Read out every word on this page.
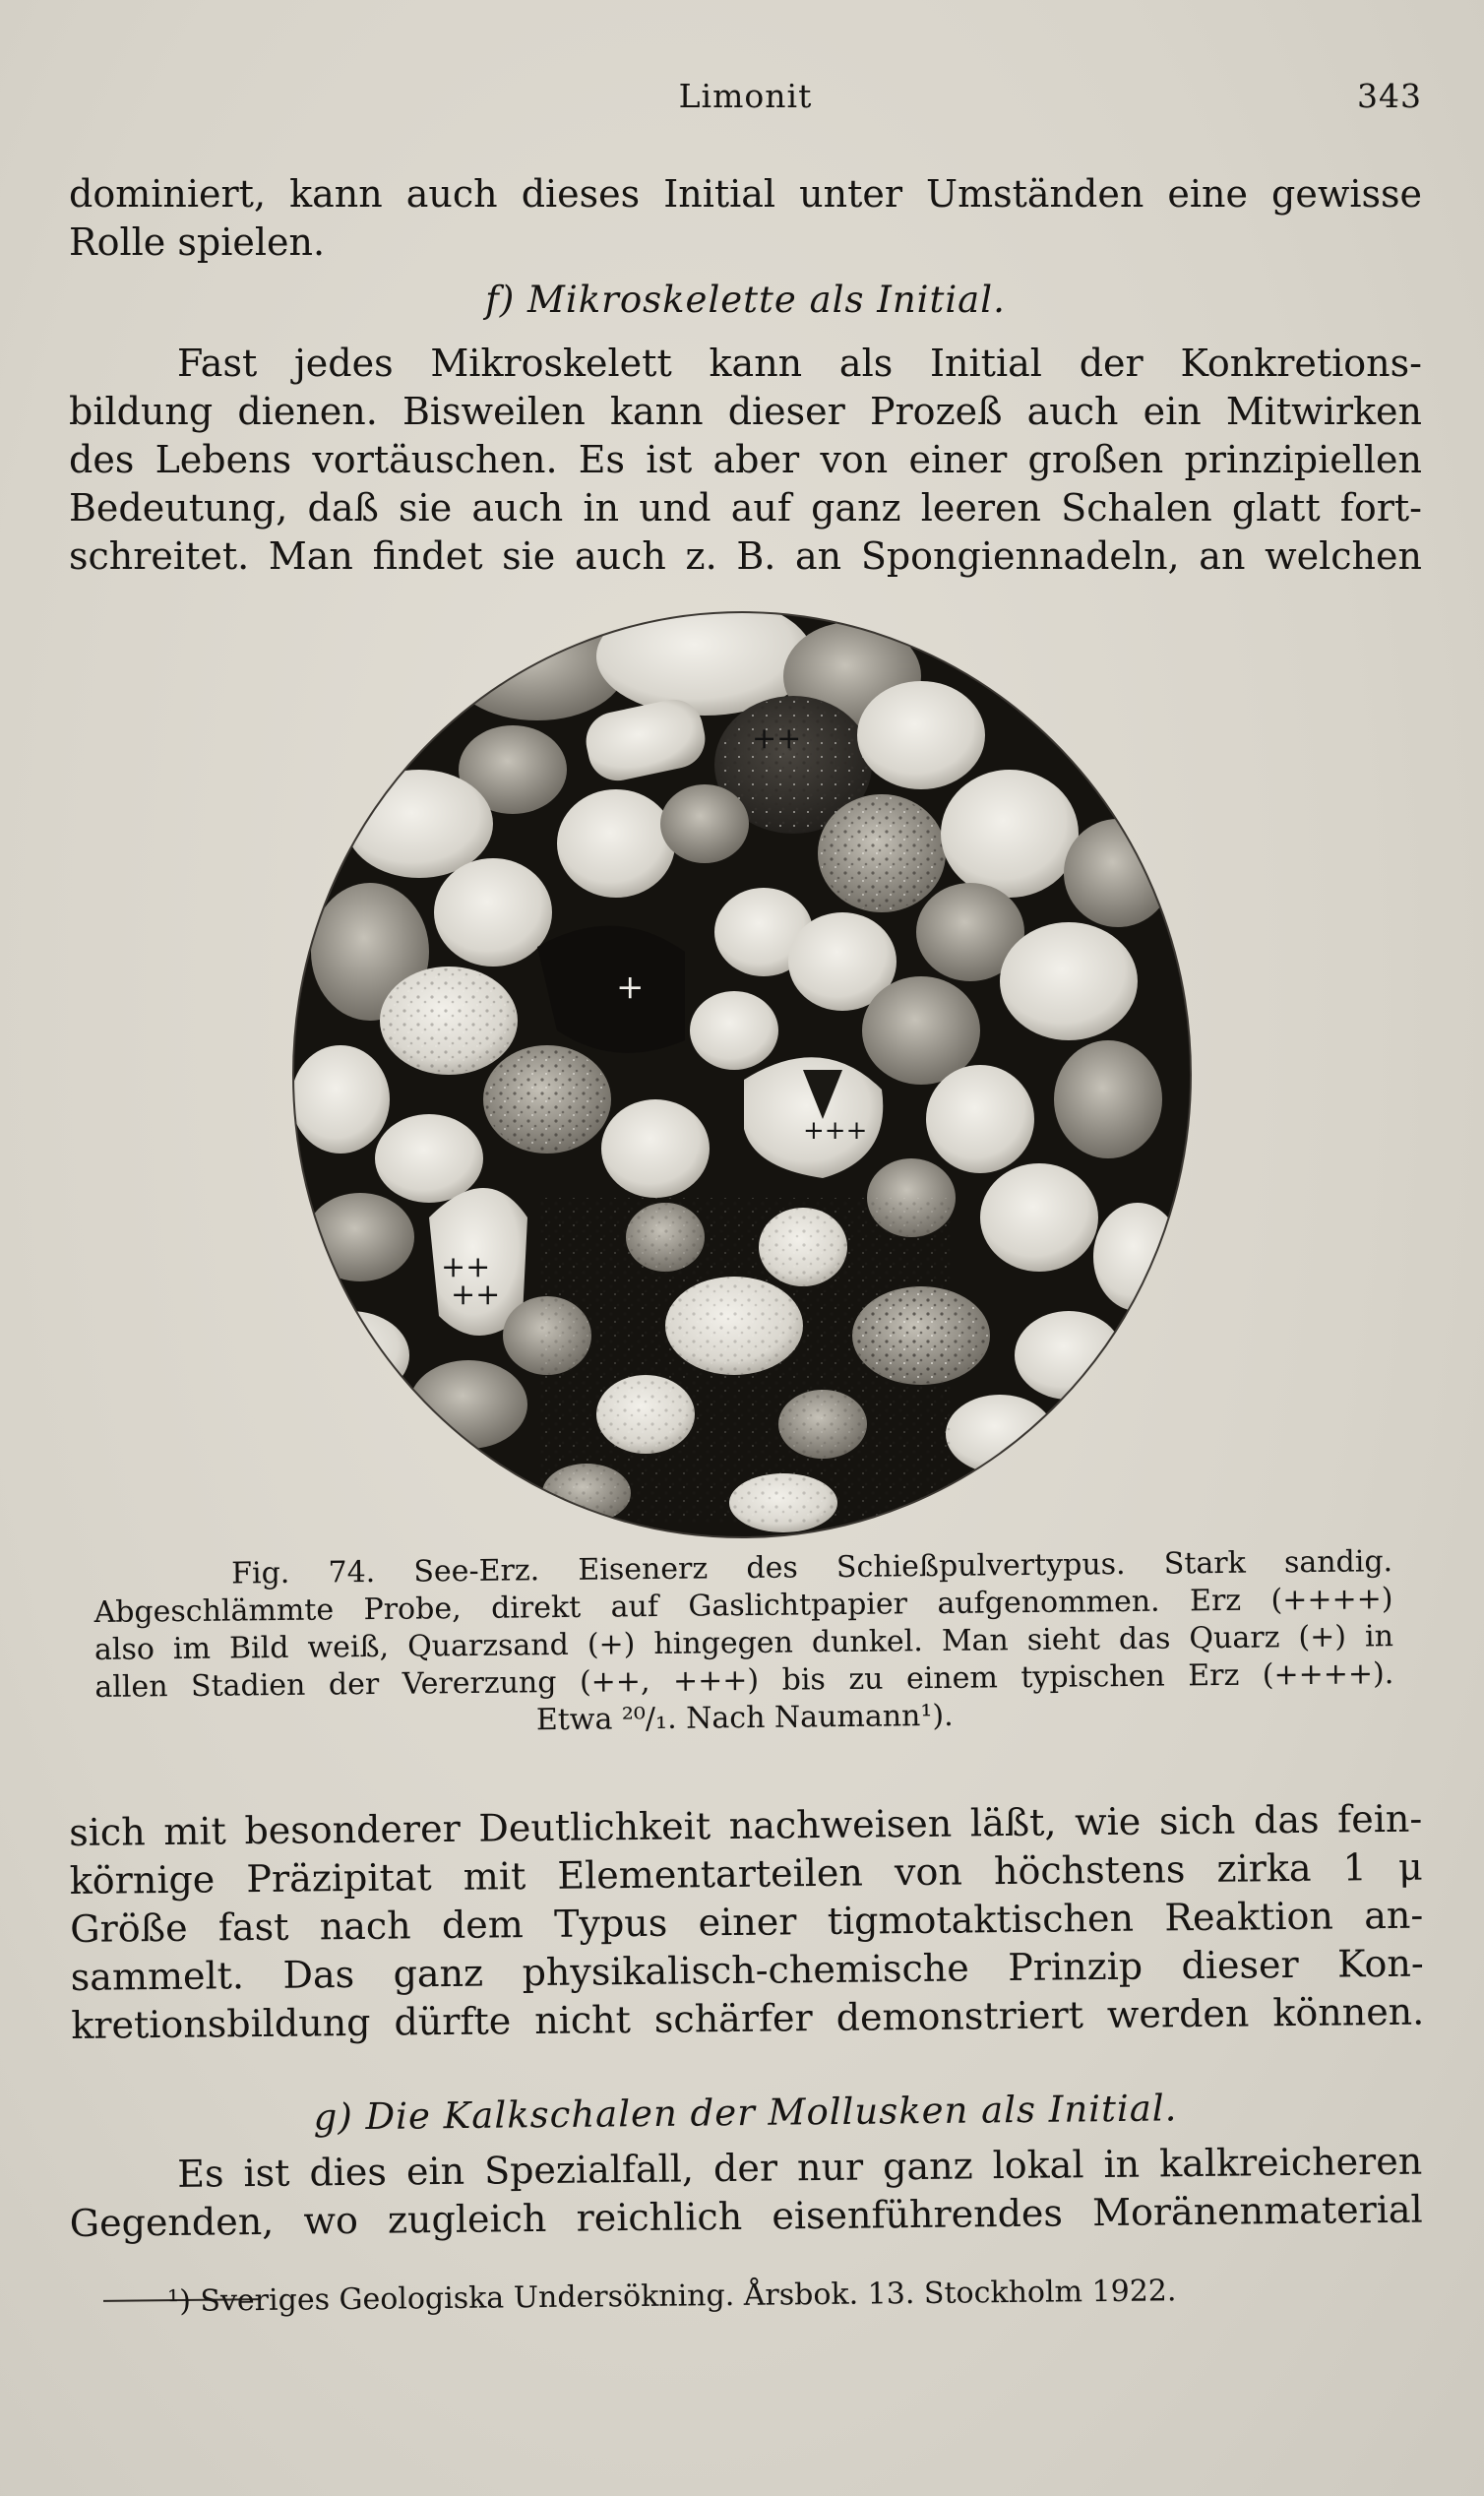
Limonit	343
dominiert, kann auch dieses Initial unter Umständen eine gewisse
Rolle spielen.
f) Mikroskelette als Initial.
Fast jedes Mikroskelett kann als Initial der Konkretions-
bildung dienen. Bisweilen kann dieser Prozeß auch ein Mitwirken
des Lebens vortäuschen. Es ist aber von einer großen prinzipiellen
Bedeutung, daß sie auch in und auf ganz leeren Schalen glatt fort-
schreitet. Man findet sie auch z. B. an Spongiennadeln, an welchen
++
+
+++
++
++
Fig. 74. See-Erz. Eisenerz des Schießpulvertypus. Stark sandig.
Abgeschlämmte Probe, direkt auf Gaslichtpapier aufgenommen. Erz (++++)
also im Bild weiß, Quarzsand (+) hingegen dunkel. Man sieht das Quarz (+) in
allen Stadien der Vererzung (++, +++) bis zu einem typischen Erz (++++).
Etwa ²⁰/₁. Nach Naumann¹).
sich mit besonderer Deutlichkeit nachweisen läßt, wie sich das fein-
körnige Präzipitat mit Elementarteilen von höchstens zirka 1 μ
Größe fast nach dem Typus einer tigmotaktischen Reaktion an-
sammelt. Das ganz physikalisch-chemische Prinzip dieser Kon-
kretionsbildung dürfte nicht schärfer demonstriert werden können.
g) Die Kalkschalen der Mollusken als Initial.
Es ist dies ein Spezialfall, der nur ganz lokal in kalkreicheren
Gegenden, wo zugleich reichlich eisenführendes Moränenmaterial
¹) Sveriges Geologiska Undersökning. Årsbok. 13. Stockholm 1922.
